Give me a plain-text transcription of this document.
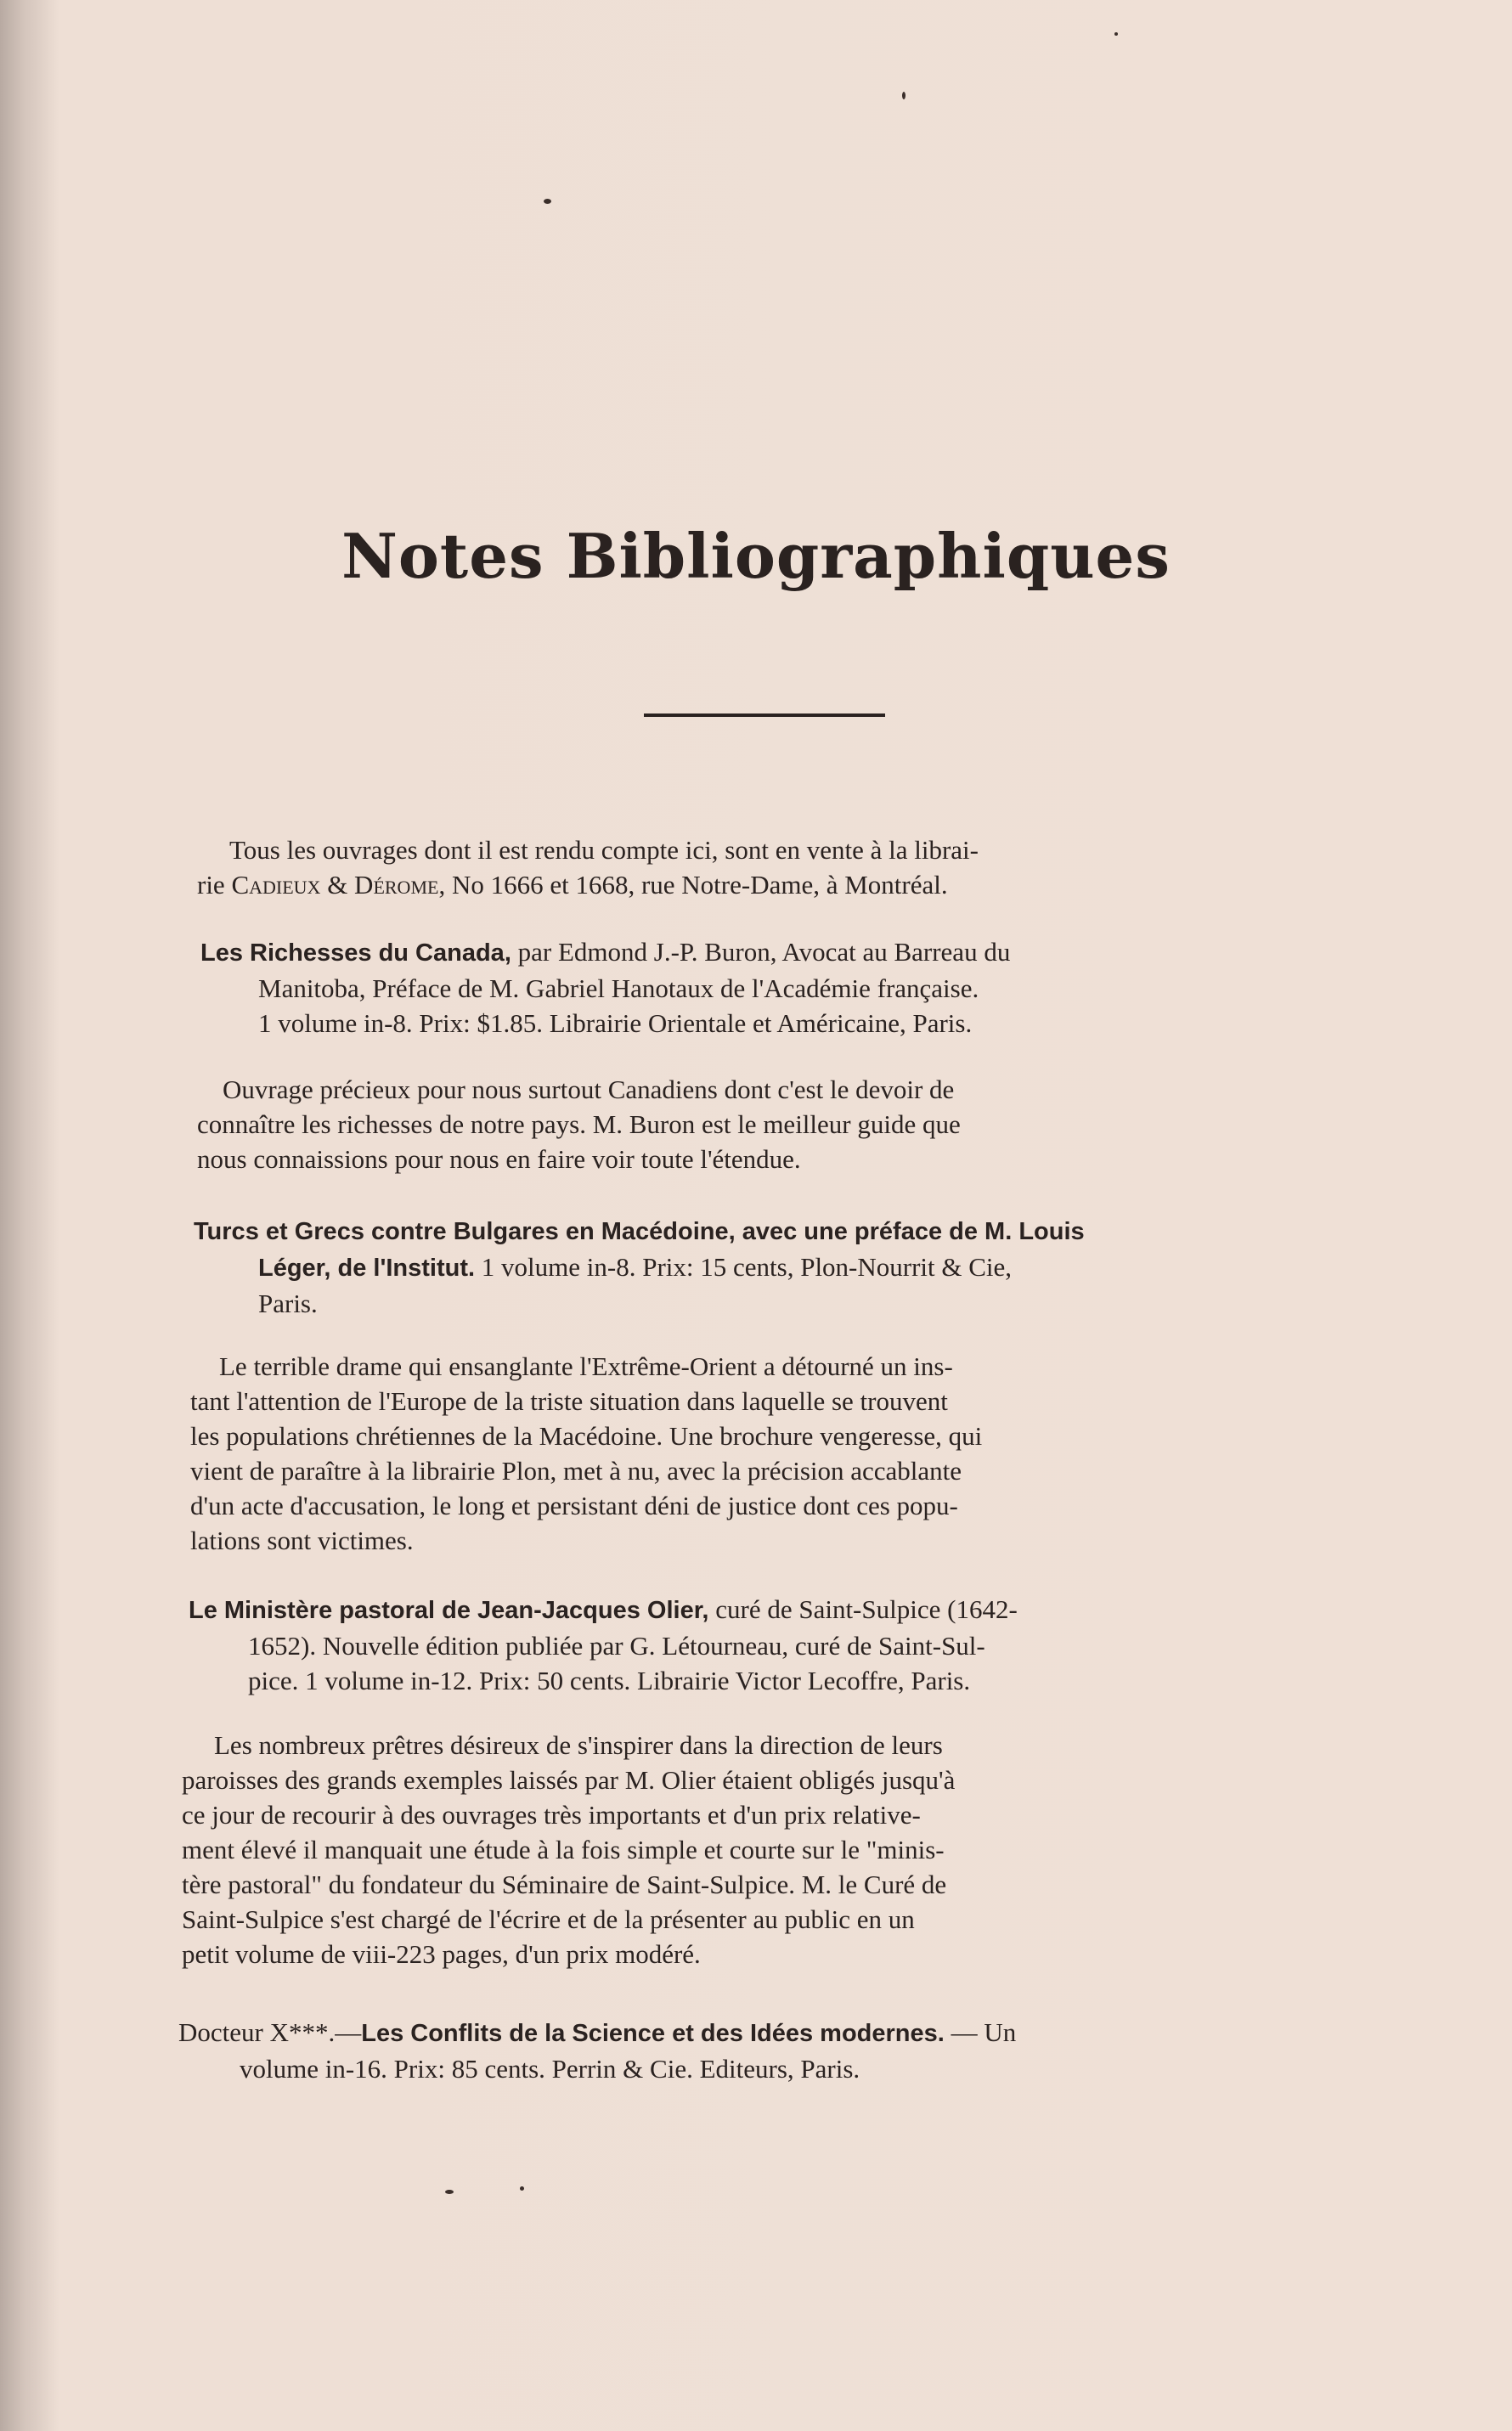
Notes Bibliographiques
Tous les ouvrages dont il est rendu compte ici, sont en vente à la librai-
rie Cadieux & Dérome, No 1666 et 1668, rue Notre-Dame, à Montréal.
Les Richesses du Canada, par Edmond J.-P. Buron, Avocat au Barreau du
Manitoba, Préface de M. Gabriel Hanotaux de l'Académie française.
1 volume in-8. Prix: $1.85. Librairie Orientale et Américaine, Paris.
Ouvrage précieux pour nous surtout Canadiens dont c'est le devoir de
connaître les richesses de notre pays. M. Buron est le meilleur guide que
nous connaissions pour nous en faire voir toute l'étendue.
Turcs et Grecs contre Bulgares en Macédoine, avec une préface de M. Louis
Léger, de l'Institut. 1 volume in-8. Prix: 15 cents, Plon-Nourrit & Cie,
Paris.
Le terrible drame qui ensanglante l'Extrême-Orient a détourné un ins-
tant l'attention de l'Europe de la triste situation dans laquelle se trouvent
les populations chrétiennes de la Macédoine. Une brochure vengeresse, qui
vient de paraître à la librairie Plon, met à nu, avec la précision accablante
d'un acte d'accusation, le long et persistant déni de justice dont ces popu-
lations sont victimes.
Le Ministère pastoral de Jean-Jacques Olier, curé de Saint-Sulpice (1642-
1652). Nouvelle édition publiée par G. Létourneau, curé de Saint-Sul-
pice. 1 volume in-12. Prix: 50 cents. Librairie Victor Lecoffre, Paris.
Les nombreux prêtres désireux de s'inspirer dans la direction de leurs
paroisses des grands exemples laissés par M. Olier étaient obligés jusqu'à
ce jour de recourir à des ouvrages très importants et d'un prix relative-
ment élevé il manquait une étude à la fois simple et courte sur le "minis-
tère pastoral" du fondateur du Séminaire de Saint-Sulpice. M. le Curé de
Saint-Sulpice s'est chargé de l'écrire et de la présenter au public en un
petit volume de viii-223 pages, d'un prix modéré.
Docteur X***.—Les Conflits de la Science et des Idées modernes. — Un
volume in-16. Prix: 85 cents. Perrin & Cie. Editeurs, Paris.
